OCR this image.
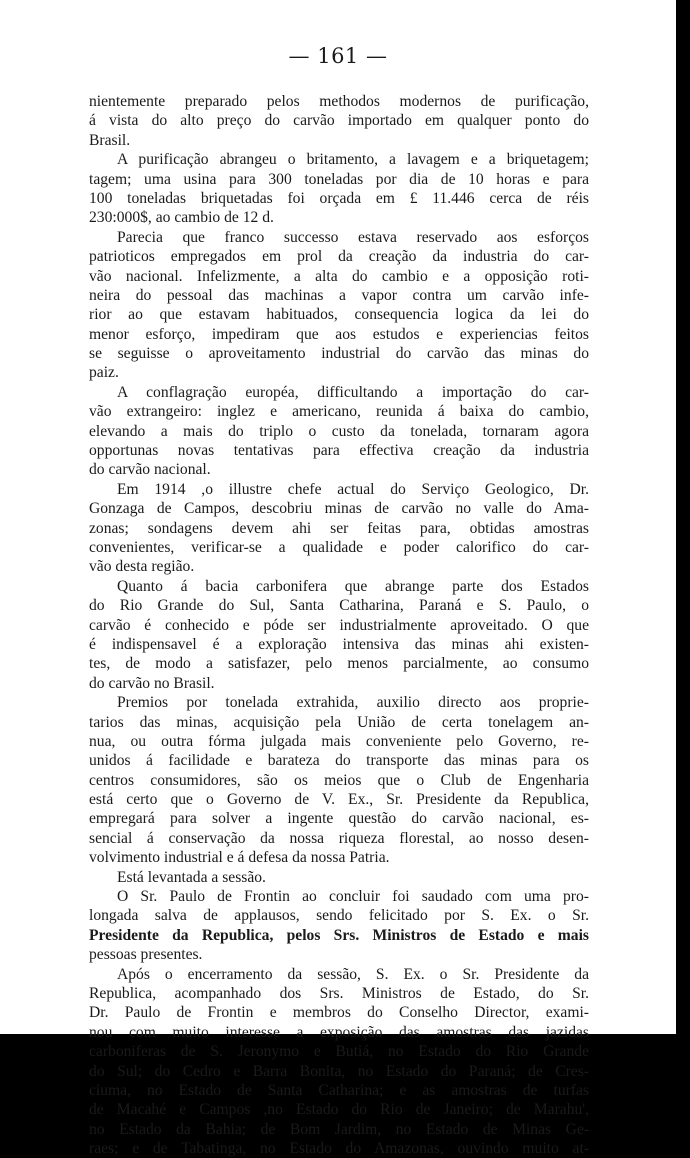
— 161 —
nientemente preparado pelos methodos modernos de purificação,
á vista do alto preço do carvão importado em qualquer ponto do
Brasil.
A purificação abrangeu o britamento, a lavagem e a briquetagem;
tagem; uma usina para 300 toneladas por dia de 10 horas e para
100 toneladas briquetadas foi orçada em £ 11.446 cerca de réis
230:000$, ao cambio de 12 d.
Parecia que franco successo estava reservado aos esforços
patrioticos empregados em prol da creação da industria do car-
vão nacional. Infelizmente, a alta do cambio e a opposição roti-
neira do pessoal das machinas a vapor contra um carvão infe-
rior ao que estavam habituados, consequencia logica da lei do
menor esforço, impediram que aos estudos e experiencias feitos
se seguisse o aproveitamento industrial do carvão das minas do
paiz.
A conflagração européa, difficultando a importação do car-
vão extrangeiro: inglez e americano, reunida á baixa do cambio,
elevando a mais do triplo o custo da tonelada, tornaram agora
opportunas novas tentativas para effectiva creação da industria
do carvão nacional.
Em 1914 ,o illustre chefe actual do Serviço Geologico, Dr.
Gonzaga de Campos, descobriu minas de carvão no valle do Ama-
zonas; sondagens devem ahi ser feitas para, obtidas amostras
convenientes, verificar-se a qualidade e poder calorifico do car-
vão desta região.
Quanto á bacia carbonifera que abrange parte dos Estados
do Rio Grande do Sul, Santa Catharina, Paraná e S. Paulo, o
carvão é conhecido e póde ser industrialmente aproveitado. O que
é indispensavel é a exploração intensiva das minas ahi existen-
tes, de modo a satisfazer, pelo menos parcialmente, ao consumo
do carvão no Brasil.
Premios por tonelada extrahida, auxilio directo aos proprie-
tarios das minas, acquisição pela União de certa tonelagem an-
nua, ou outra fórma julgada mais conveniente pelo Governo, re-
unidos á facilidade e barateza do transporte das minas para os
centros consumidores, são os meios que o Club de Engenharia
está certo que o Governo de V. Ex., Sr. Presidente da Republica,
empregará para solver a ingente questão do carvão nacional, es-
sencial á conservação da nossa riqueza florestal, ao nosso desen-
volvimento industrial e á defesa da nossa Patria.
Está levantada a sessão.
O Sr. Paulo de Frontin ao concluir foi saudado com uma pro-
longada salva de applausos, sendo felicitado por S. Ex. o Sr.
Presidente da Republica, pelos Srs. Ministros de Estado e mais
pessoas presentes.
Após o encerramento da sessão, S. Ex. o Sr. Presidente da
Republica, acompanhado dos Srs. Ministros de Estado, do Sr.
Dr. Paulo de Frontin e membros do Conselho Director, exami-
nou com muito interesse a exposição das amostras das jazidas
carboniferas de S. Jeronymo e Butiá, no Estado do Rio Grande
do Sul; do Cedro e Barra Bonita, no Estado do Paraná; de Cres-
ciuma, no Estado de Santa Catharina; e as amostras de turfas
de Macahé e Campos ,no Estado do Rio de Janeiro; de Marahu',
no Estado da Bahia; de Bom Jardim, no Estado de Minas Ge-
raes; e de Tabatinga, no Estado do Amazonas, ouvindo muito at-
